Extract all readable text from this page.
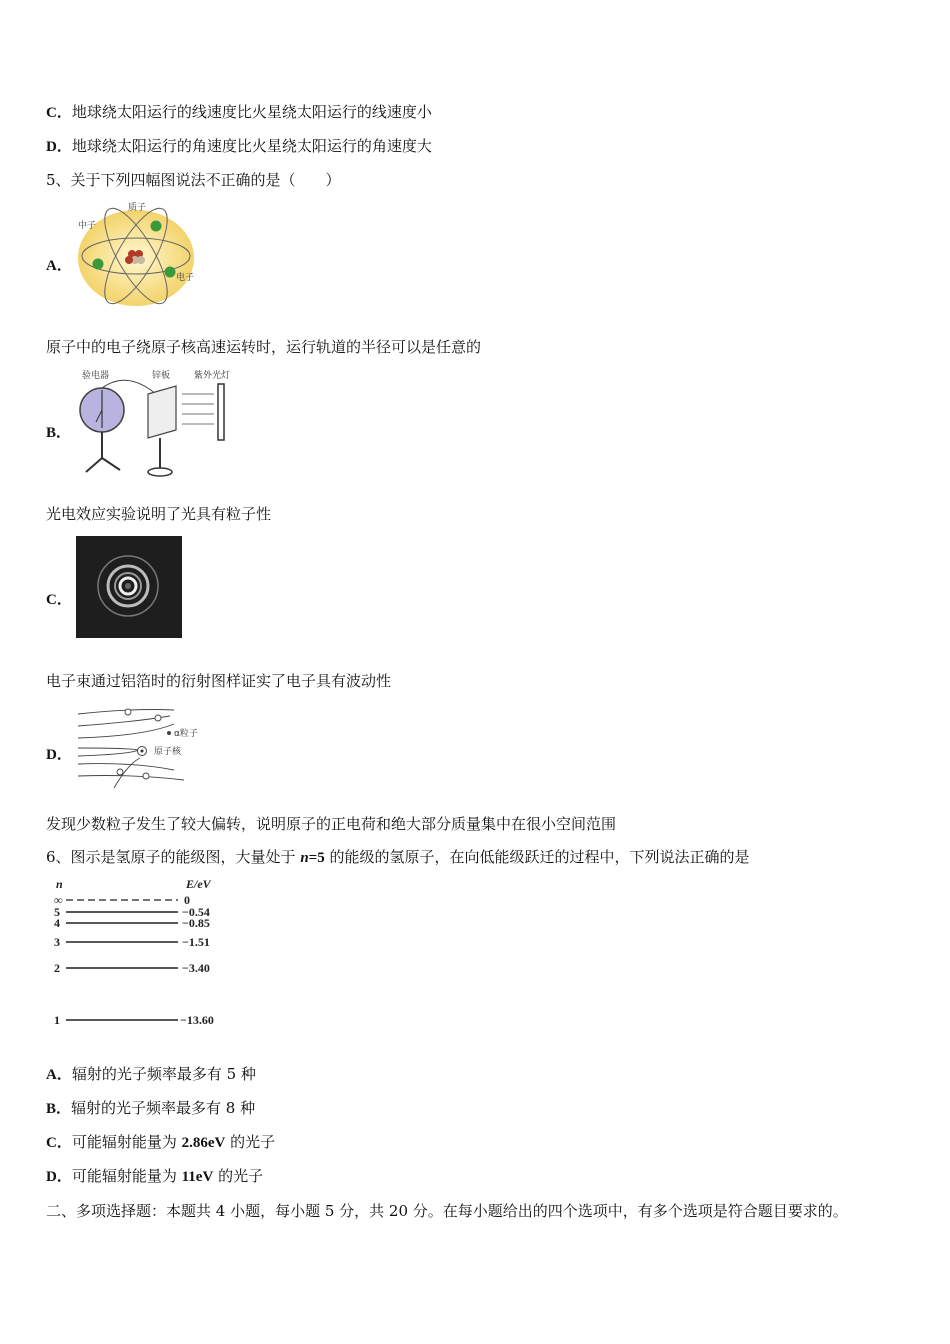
C．地球绕太阳运行的线速度比火星绕太阳运行的线速度小
D．地球绕太阳运行的角速度比火星绕太阳运行的角速度大
5、关于下列四幅图说法不正确的是（　　）
A．
中子
质子
电子
原子中的电子绕原子核高速运转时，运行轨道的半径可以是任意的
B．
验电器	锌板	紫外光灯
光电效应实验说明了光具有粒子性
C．
电子束通过铝箔时的衍射图样证实了电子具有波动性
D．
α粒子
原子核
发现少数粒子发生了较大偏转，说明原子的正电荷和绝大部分质量集中在很小空间范围
6、图示是氢原子的能级图，大量处于 n=5 的能级的氢原子，在向低能级跃迁的过程中，下列说法正确的是
n	E/eV
∞	0
5	−0.54
4	−0.85
3	−1.51
2	−3.40
1	−13.60
A．辐射的光子频率最多有 5 种
B．辐射的光子频率最多有 8 种
C．可能辐射能量为 2.86eV 的光子
D．可能辐射能量为 11eV 的光子
二、多项选择题：本题共 4 小题，每小题 5 分，共 20 分。在每小题给出的四个选项中，有多个选项是符合题目要求的。
